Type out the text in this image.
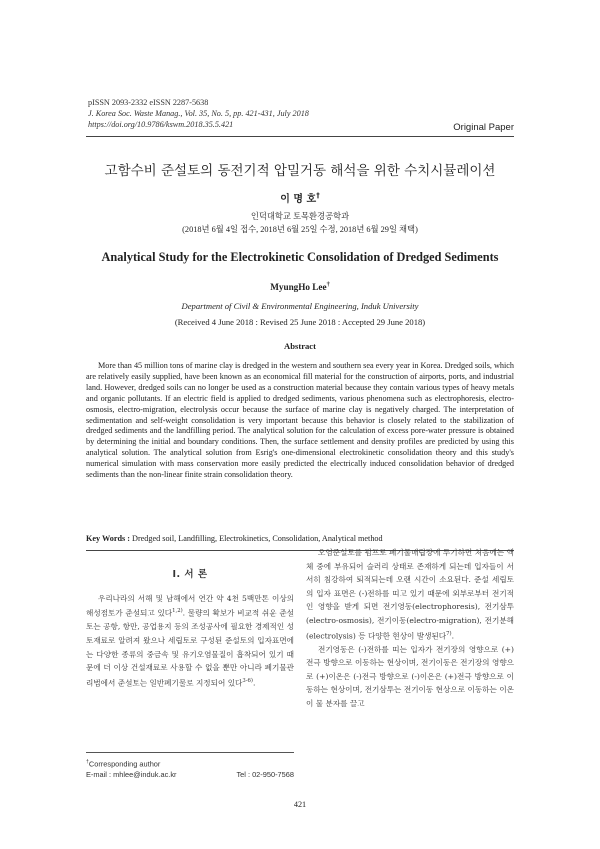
pISSN 2093-2332 eISSN 2287-5638
J. Korea Soc. Waste Manag., Vol. 35, No. 5, pp. 421-431, July 2018
https://doi.org/10.9786/kswm.2018.35.5.421	Original Paper
고함수비 준설토의 동전기적 압밀거동 해석을 위한 수치시뮬레이션
이 명 호†
인덕대학교 토목환경공학과
(2018년 6월 4일 접수, 2018년 6월 25일 수정, 2018년 6월 29일 채택)
Analytical Study for the Electrokinetic Consolidation of Dredged Sediments
MyungHo Lee†
Department of Civil & Environmental Engineering, Induk University
(Received 4 June 2018 : Revised 25 June 2018 : Accepted 29 June 2018)
Abstract
More than 45 million tons of marine clay is dredged in the western and southern sea every year in Korea. Dredged soils, which are relatively easily supplied, have been known as an economical fill material for the construction of airports, ports, and industrial land. However, dredged soils can no longer be used as a construction material because they contain various types of heavy metals and organic pollutants. If an electric field is applied to dredged sediments, various phenomena such as electrophoresis, electro-osmosis, electro-migration, electrolysis occur because the surface of marine clay is negatively charged. The interpretation of sedimentation and self-weight consolidation is very important because this behavior is closely related to the stabilization of dredged sediments and the landfilling period. The analytical solution for the calculation of excess pore-water pressure is obtained by determining the initial and boundary conditions. Then, the surface settlement and density profiles are predicted by using this analytical solution. The analytical solution from Esrig's one-dimensional electrokinetic consolidation theory and this study's numerical simulation with mass conservation more easily predicted the electrically induced consolidation behavior of dredged sediments than the non-linear finite strain consolidation theory.
Key Words : Dredged soil, Landfilling, Electrokinetics, Consolidation, Analytical method
I. 서 론

우리나라의 서해 및 남해에서 연간 약 4천 5백만톤 이상의 해성점토가 준설되고 있다$^{1,2)}$. 물량의 확보가 비교적 쉬운 준설토는 공항, 항만, 공업용지 등의 조성공사에 필요한 경제적인 성토재료로 알려져 왔으나 세립토로 구성된 준설토의 입자표면에는 다양한 종류의 중금속 및 유기오염물질이 흡착되어 있기 때문에 더 이상 건설재료로 사용할 수 없을 뿐만 아니라 폐기물관리법에서 준설토는 일반폐기물로 지정되어 있다$^{3-6)}$.

오염준설토를 펌프로 폐기물매립장에 투기하면 처음에는 액체 중에 부유되어 슬러리 상태로 존재하게 되는데 입자들이 서서히 침강하여 퇴적되는데 오랜 시간이 소요된다. 준설 세립토의 입자 표면은 (-)전하를 띠고 있기 때문에 외부로부터 전기적인 영향을 받게 되면 전기영동(electrophoresis), 전기삼투(electro-osmosis), 전기이동(electro-migration), 전기분해(electrolysis) 등 다양한 현상이 발생된다$^{7)}$.

전기영동은 (-)전하를 띠는 입자가 전기장의 영향으로 (+)전극 방향으로 이동하는 현상이며, 전기이동은 전기장의 영향으로 (+)이온은 (-)전극 방향으로 (-)이온은 (+)전극 방향으로 이동하는 현상이며, 전기삼투는 전기이동 현상으로 이동하는 이온이 물 분자를 끌고

†Corresponding author
E-mail : mhlee@induk.ac.kr	Tel : 02-950-7568
421
